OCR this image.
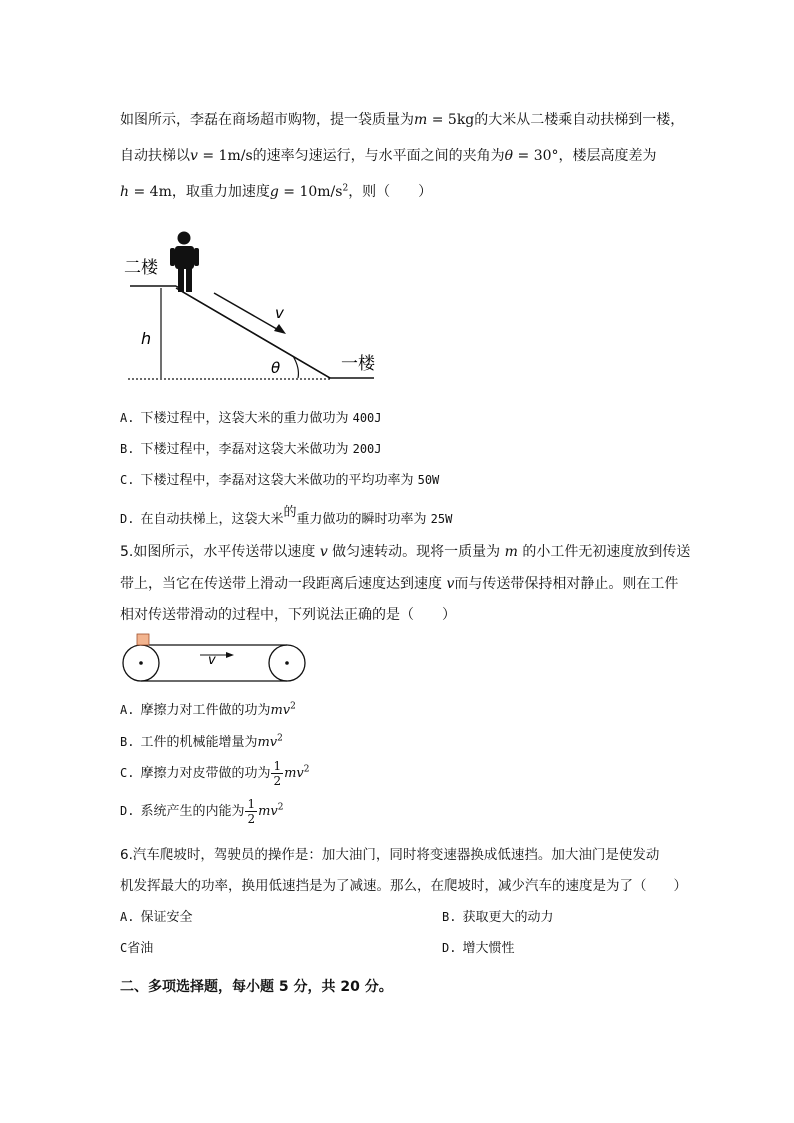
如图所示，李磊在商场超市购物，提一袋质量为m = 5kg的大米从二楼乘自动扶梯到一楼，
自动扶梯以v = 1m/s的速率匀速运行，与水平面之间的夹角为θ = 30°，楼层高度差为
h = 4m，取重力加速度$g = 10m/s^2$，则（　　）
二楼
h
v
θ	一楼
A. 下楼过程中，这袋大米的重力做功为 400J
B. 下楼过程中，李磊对这袋大米做功为 200J
C. 下楼过程中，李磊对这袋大米做功的平均功率为 50W
D. 在自动扶梯上，这袋大米的重力做功的瞬时功率为 25W
5.如图所示，水平传送带以速度 v 做匀速转动。现将一质量为 m 的小工件无初速度放到传送
带上，当它在传送带上滑动一段距离后速度达到速度 v而与传送带保持相对静止。则在工件
相对传送带滑动的过程中，下列说法正确的是（　　）
v
A. 摩擦力对工件做的功为$mv^2$
B. 工件的机械能增量为$mv^2$
C. 摩擦力对皮带做的功为 $\frac{1}{2} mv^2$
D. 系统产生的内能为 $\frac{1}{2} mv^2$
6.汽车爬坡时，驾驶员的操作是：加大油门，同时将变速器换成低速挡。加大油门是使发动
机发挥最大的功率，换用低速挡是为了减速。那么，在爬坡时，减少汽车的速度是为了（　　）
A. 保证安全	B. 获取更大的动力
C省油	D. 增大惯性
二、多项选择题，每小题 5 分，共 20 分。
